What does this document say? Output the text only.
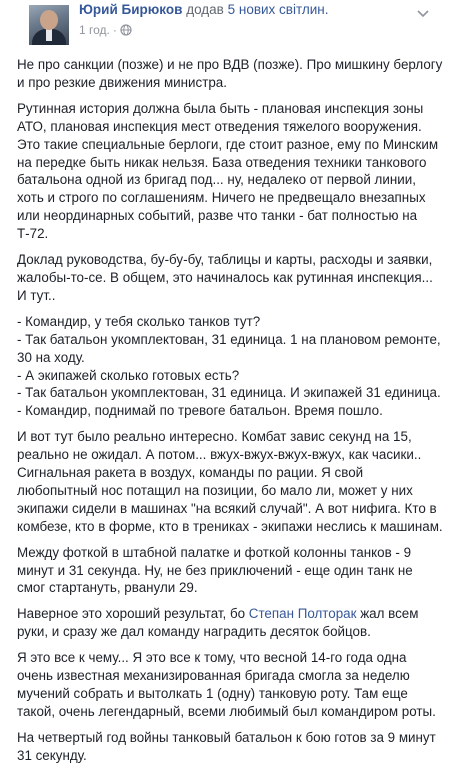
Юрий Бирюков додав 5 нових світлин.
1 год. ·

Не про санкции (позже) и не про ВДВ (позже). Про мишкину берлогу и про резкие движения министра.

Рутинная история должна была быть - плановая инспекция зоны АТО, плановая инспекция мест отведения тяжелого вооружения. Это такие специальные берлоги, где стоит разное, ему по Минским на передке быть никак нельзя. База отведения техники танкового батальона одной из бригад под... ну, недалеко от первой линии, хоть и строго по соглашениям. Ничего не предвещало внезапных или неординарных событий, разве что танки - бат полностью на Т-72.

Доклад руководства, бу-бу-бу, таблицы и карты, расходы и заявки, жалобы-то-се. В общем, это начиналось как рутинная инспекция... И тут..

- Командир, у тебя сколько танков тут?
- Так батальон укомплектован, 31 единица. 1 на плановом ремонте, 30 на ходу.
- А экипажей сколько готовых есть?
- Так батальон укомплектован, 31 единица. И экипажей 31 единица.
- Командир, поднимай по тревоге батальон. Время пошло.

И вот тут было реально интересно. Комбат завис секунд на 15, реально не ожидал. А потом... вжух-вжух-вжух-вжух, как часики.. Сигнальная ракета в воздух, команды по рации. Я свой любопытный нос потащил на позиции, бо мало ли, может у них экипажи сидели в машинах "на всякий случай". А вот нифига. Кто в комбезе, кто в форме, кто в трениках - экипажи неслись к машинам.

Между фоткой в штабной палатке и фоткой колонны танков - 9 минут и 31 секунда. Ну, не без приключений - еще один танк не смог стартануть, рванули 29.

Наверное это хороший результат, бо Степан Полторак жал всем руки, и сразу же дал команду наградить десяток бойцов.

Я это все к чему... Я это все к тому, что весной 14-го года одна очень известная механизированная бригада смогла за неделю мучений собрать и вытолкать 1 (одну) танковую роту. Там еще такой, очень легендарный, всеми любимый был командиром роты.

На четвертый год войны танковый батальон к бою готов за 9 минут 31 секунду.
